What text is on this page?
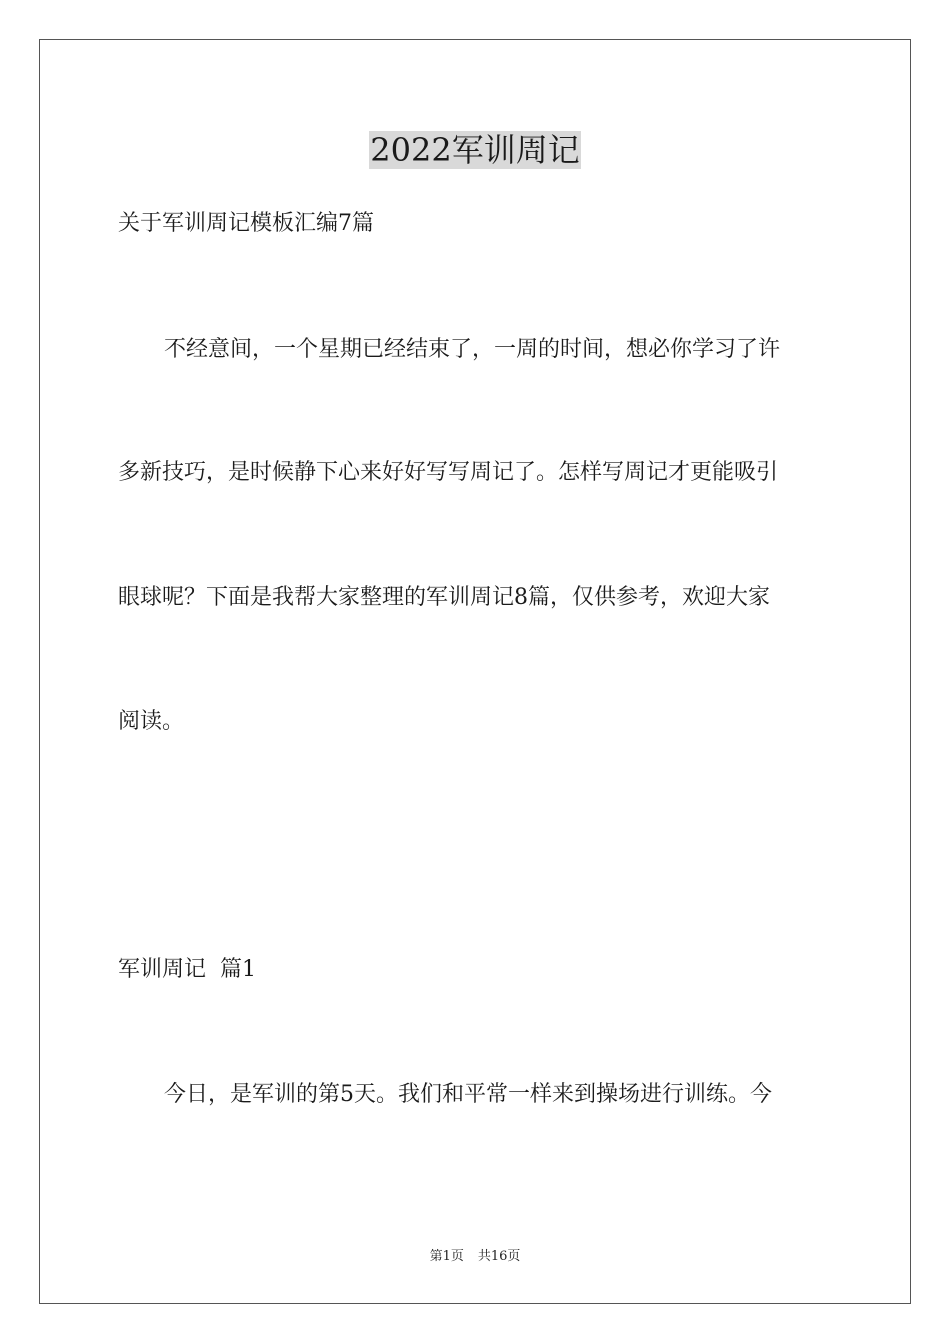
2022军训周记
关于军训周记模板汇编7篇
不经意间，一个星期已经结束了，一周的时间，想必你学习了许
多新技巧，是时候静下心来好好写写周记了。怎样写周记才更能吸引
眼球呢？下面是我帮大家整理的军训周记8篇，仅供参考，欢迎大家
阅读。
军训周记  篇1
今日，是军训的第5天。我们和平常一样来到操场进行训练。今
第1页 共16页
